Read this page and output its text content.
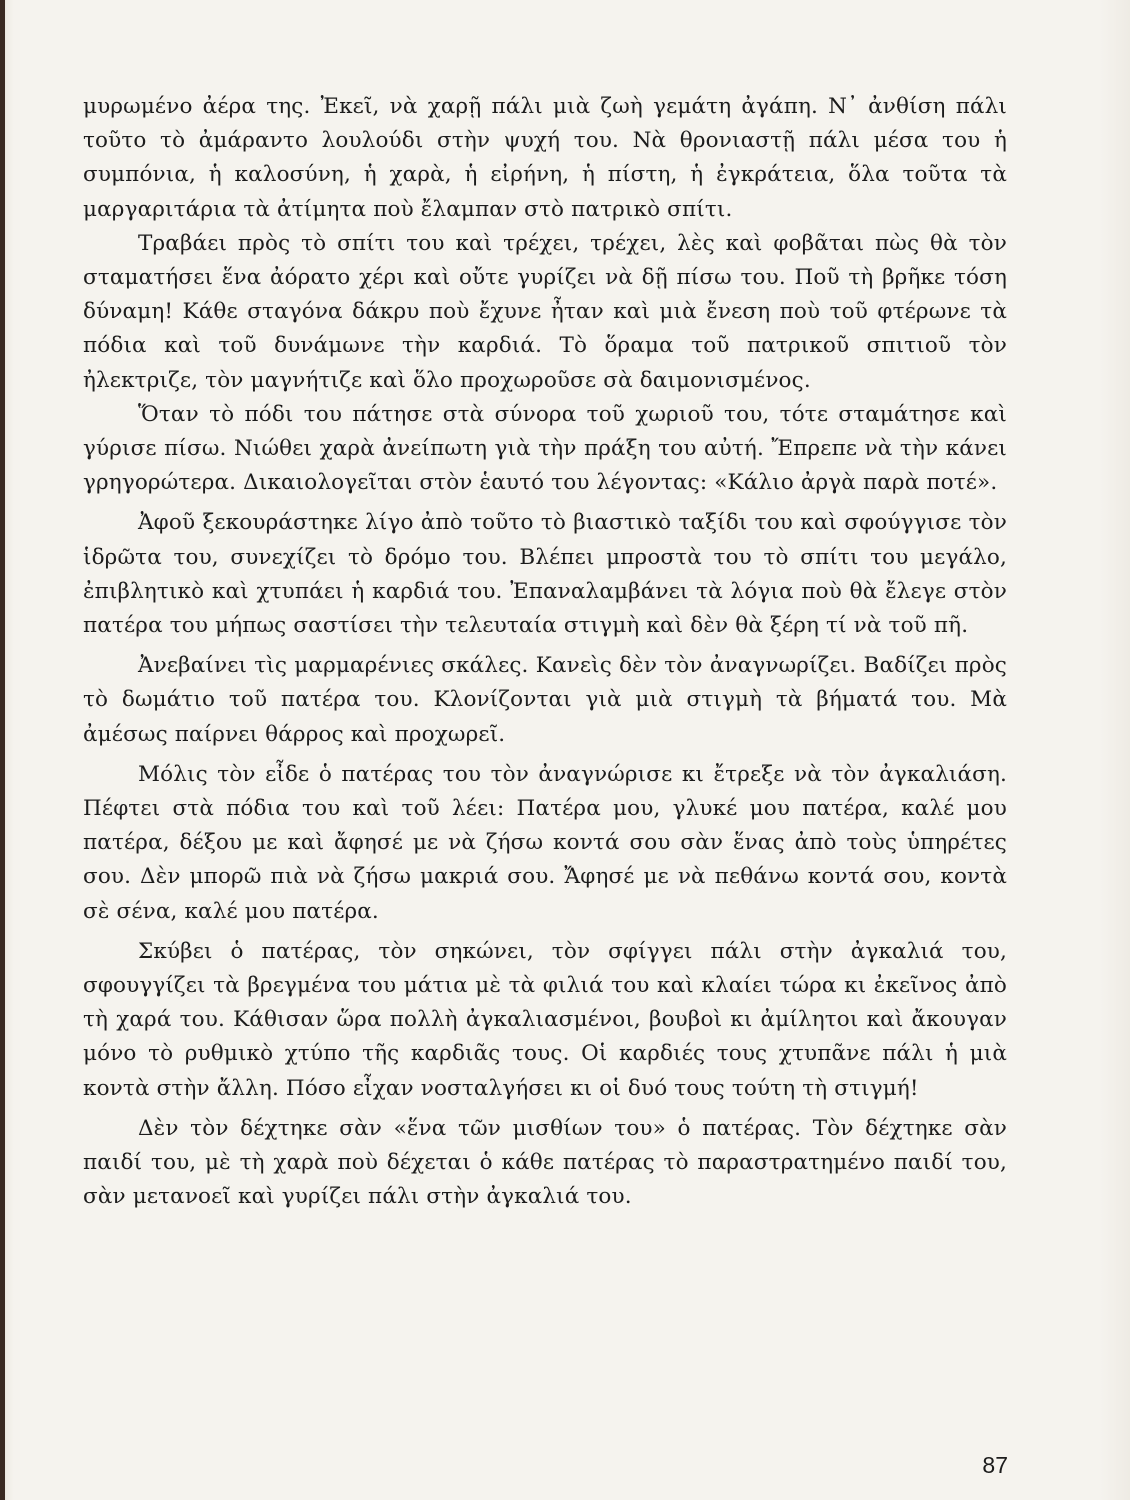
μυρωμένο ἀέρα της. Ἐκεῖ, νὰ χαρῇ πάλι μιὰ ζωὴ γεμάτη ἀγάπη. Ν᾿ ἀνθίση πάλι τοῦτο τὸ ἀμάραντο λουλούδι στὴν ψυχή του. Νὰ θρονιαστῇ πάλι μέσα του ἡ συμπόνια, ἡ καλοσύνη, ἡ χαρὰ, ἡ εἰρήνη, ἡ πίστη, ἡ ἐγκράτεια, ὅλα τοῦτα τὰ μαργαριτάρια τὰ ἀτίμητα ποὺ ἔλαμπαν στὸ πατρικὸ σπίτι.

Τραβάει πρὸς τὸ σπίτι του καὶ τρέχει, τρέχει, λὲς καὶ φοβᾶται πὼς θὰ τὸν σταματήσει ἕνα ἀόρατο χέρι καὶ οὔτε γυρίζει νὰ δῇ πίσω του. Ποῦ τὴ βρῆκε τόση δύναμη! Κάθε σταγόνα δάκρυ ποὺ ἔχυνε ἦταν καὶ μιὰ ἔνεση ποὺ τοῦ φτέρωνε τὰ πόδια καὶ τοῦ δυνάμωνε τὴν καρδιά. Τὸ ὅραμα τοῦ πατρικοῦ σπιτιοῦ τὸν ἠλεκτριζε, τὸν μαγνήτιζε καὶ ὅλο προχωροῦσε σὰ δαιμονισμένος.

Ὅταν τὸ πόδι του πάτησε στὰ σύνορα τοῦ χωριοῦ του, τότε σταμάτησε καὶ γύρισε πίσω. Νιώθει χαρὰ ἀνείπωτη γιὰ τὴν πράξη του αὐτή. Ἔπρεπε νὰ τὴν κάνει γρηγορώτερα. Δικαιολογεῖται στὸν ἑαυτό του λέγοντας: «Κάλιο ἀργὰ παρὰ ποτέ».

Ἀφοῦ ξεκουράστηκε λίγο ἀπὸ τοῦτο τὸ βιαστικὸ ταξίδι του καὶ σφούγγισε τὸν ἱδρῶτα του, συνεχίζει τὸ δρόμο του. Βλέπει μπροστὰ του τὸ σπίτι του μεγάλο, ἐπιβλητικὸ καὶ χτυπάει ἡ καρδιά του. Ἐπαναλαμβάνει τὰ λόγια ποὺ θὰ ἔλεγε στὸν πατέρα του μήπως σαστίσει τὴν τελευταία στιγμὴ καὶ δὲν θὰ ξέρη τί νὰ τοῦ πῆ.

Ἀνεβαίνει τὶς μαρμαρένιες σκάλες. Κανεὶς δὲν τὸν ἀναγνωρίζει. Βαδίζει πρὸς τὸ δωμάτιο τοῦ πατέρα του. Κλονίζονται γιὰ μιὰ στιγμὴ τὰ βήματά του. Μὰ ἀμέσως παίρνει θάρρος καὶ προχωρεῖ.

Μόλις τὸν εἶδε ὁ πατέρας του τὸν ἀναγνώρισε κι ἔτρεξε νὰ τὸν ἀγκαλιάση. Πέφτει στὰ πόδια του καὶ τοῦ λέει: Πατέρα μου, γλυκέ μου πατέρα, καλέ μου πατέρα, δέξου με καὶ ἄφησέ με νὰ ζήσω κοντά σου σὰν ἕνας ἀπὸ τοὺς ὑπηρέτες σου. Δὲν μπορῶ πιὰ νὰ ζήσω μακριά σου. Ἄφησέ με νὰ πεθάνω κοντά σου, κοντὰ σὲ σένα, καλέ μου πατέρα.

Σκύβει ὁ πατέρας, τὸν σηκώνει, τὸν σφίγγει πάλι στὴν ἀγκαλιά του, σφουγγίζει τὰ βρεγμένα του μάτια μὲ τὰ φιλιά του καὶ κλαίει τώρα κι ἐκεῖνος ἀπὸ τὴ χαρά του. Κάθισαν ὥρα πολλὴ ἀγκαλιασμένοι, βουβοὶ κι ἀμίλητοι καὶ ἄκουγαν μόνο τὸ ρυθμικὸ χτύπο τῆς καρδιᾶς τους. Οἱ καρδιές τους χτυπᾶνε πάλι ἡ μιὰ κοντὰ στὴν ἄλλη. Πόσο εἶχαν νοσταλγήσει κι οἱ δυό τους τούτη τὴ στιγμή!

Δὲν τὸν δέχτηκε σὰν «ἕνα τῶν μισθίων του» ὁ πατέρας. Τὸν δέχτηκε σὰν παιδί του, μὲ τὴ χαρὰ ποὺ δέχεται ὁ κάθε πατέρας τὸ παραστρατημένο παιδί του, σὰν μετανοεῖ καὶ γυρίζει πάλι στὴν ἀγκαλιά του.

87
